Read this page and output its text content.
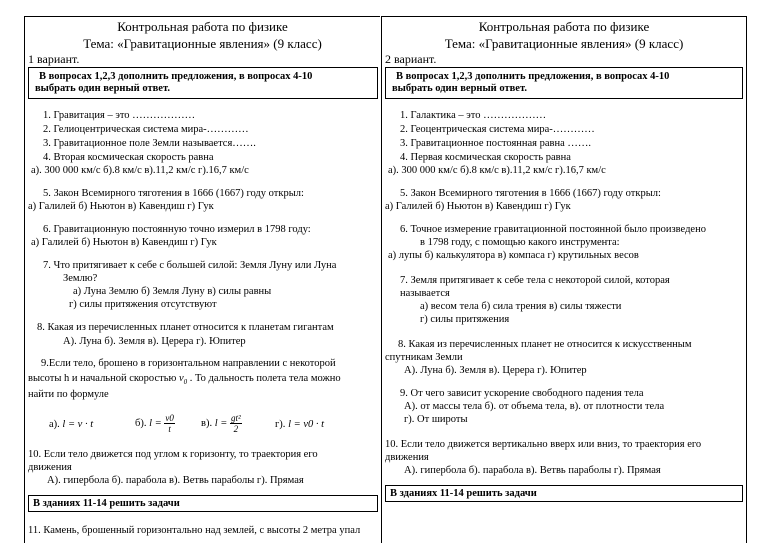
Контрольная работа по физике
Тема: «Гравитационные явления» (9 класс)
1 вариант.
В вопросах 1,2,3 дополнить предложения, в вопросах 4-10
выбрать один верный ответ.
1. Гравитация – это ………………
2. Гелиоцентрическая система мира-…………
3. Гравитационное поле Земли называется…….
4. Вторая космическая скорость равна
а). 300 000 км/с б).8 км/с в).11,2 км/с г).16,7 км/с
5. Закон Всемирного тяготения в 1666 (1667) году открыл:
а) Галилей б) Ньютон в) Кавендиш г) Гук
6. Гравитационную постоянную точно измерил в 1798 году:
а) Галилей б) Ньютон в) Кавендиш г) Гук
7. Что притягивает к себе с большей силой: Земля Луну или Луна
Землю?
а) Луна Землю б) Земля Луну в) силы равны
г) силы притяжения отсутствуют
8. Какая из перечисленных планет относится к планетам гигантам
А). Луна б). Земля в). Церера г). Юпитер
9.Если тело, брошено в горизонтальном направлении с некоторой
высоты h и начальной скоростью $v_0$ . То дальность полета тела можно
найти по формуле
а). l = v · t	б). $l = \frac{v0}{t} в$). $l = \frac{\text{gt²}}{2}$	г). l = v0 · t
10. Если тело движется под углом к горизонту, то траектория его
движения
А). гипербола б). парабола в). Ветвь параболы г). Прямая
В зданиях 11-14 решить задачи
11. Камень, брошенный горизонтально над землей, с высоты 2 метра упал
Контрольная работа по физике
Тема: «Гравитационные явления» (9 класс)
2 вариант.
В вопросах 1,2,3 дополнить предложения, в вопросах 4-10
выбрать один верный ответ.
1. Галактика – это ………………
2. Геоцентрическая система мира-…………
3. Гравитационное постоянная равна …….
4. Первая космическая скорость равна
а). 300 000 км/с б).8 км/с в).11,2 км/с г).16,7 км/с
5. Закон Всемирного тяготения в 1666 (1667) году открыл:
а) Галилей б) Ньютон в) Кавендиш г) Гук
6. Точное измерение гравитационной постоянной было произведено
в 1798 году, с помощью какого инструмента:
а) лупы б) калькулятора в) компаса г) крутильных весов
7. Земля притягивает к себе тела с некоторой силой, которая
называется
а) весом тела б) сила трения в) силы тяжести
г) силы притяжения
8. Какая из перечисленных планет не относится к искусственным
спутникам Земли
А). Луна б). Земля в). Церера г). Юпитер
9. От чего зависит ускорение свободного падения тела
А). от массы тела б). от объема тела, в). от плотности тела
г). От широты
10. Если тело движется вертикально вверх или вниз, то траектория его
движения
А). гипербола б). парабола в). Ветвь параболы г). Прямая
В зданиях 11-14 решить задачи
